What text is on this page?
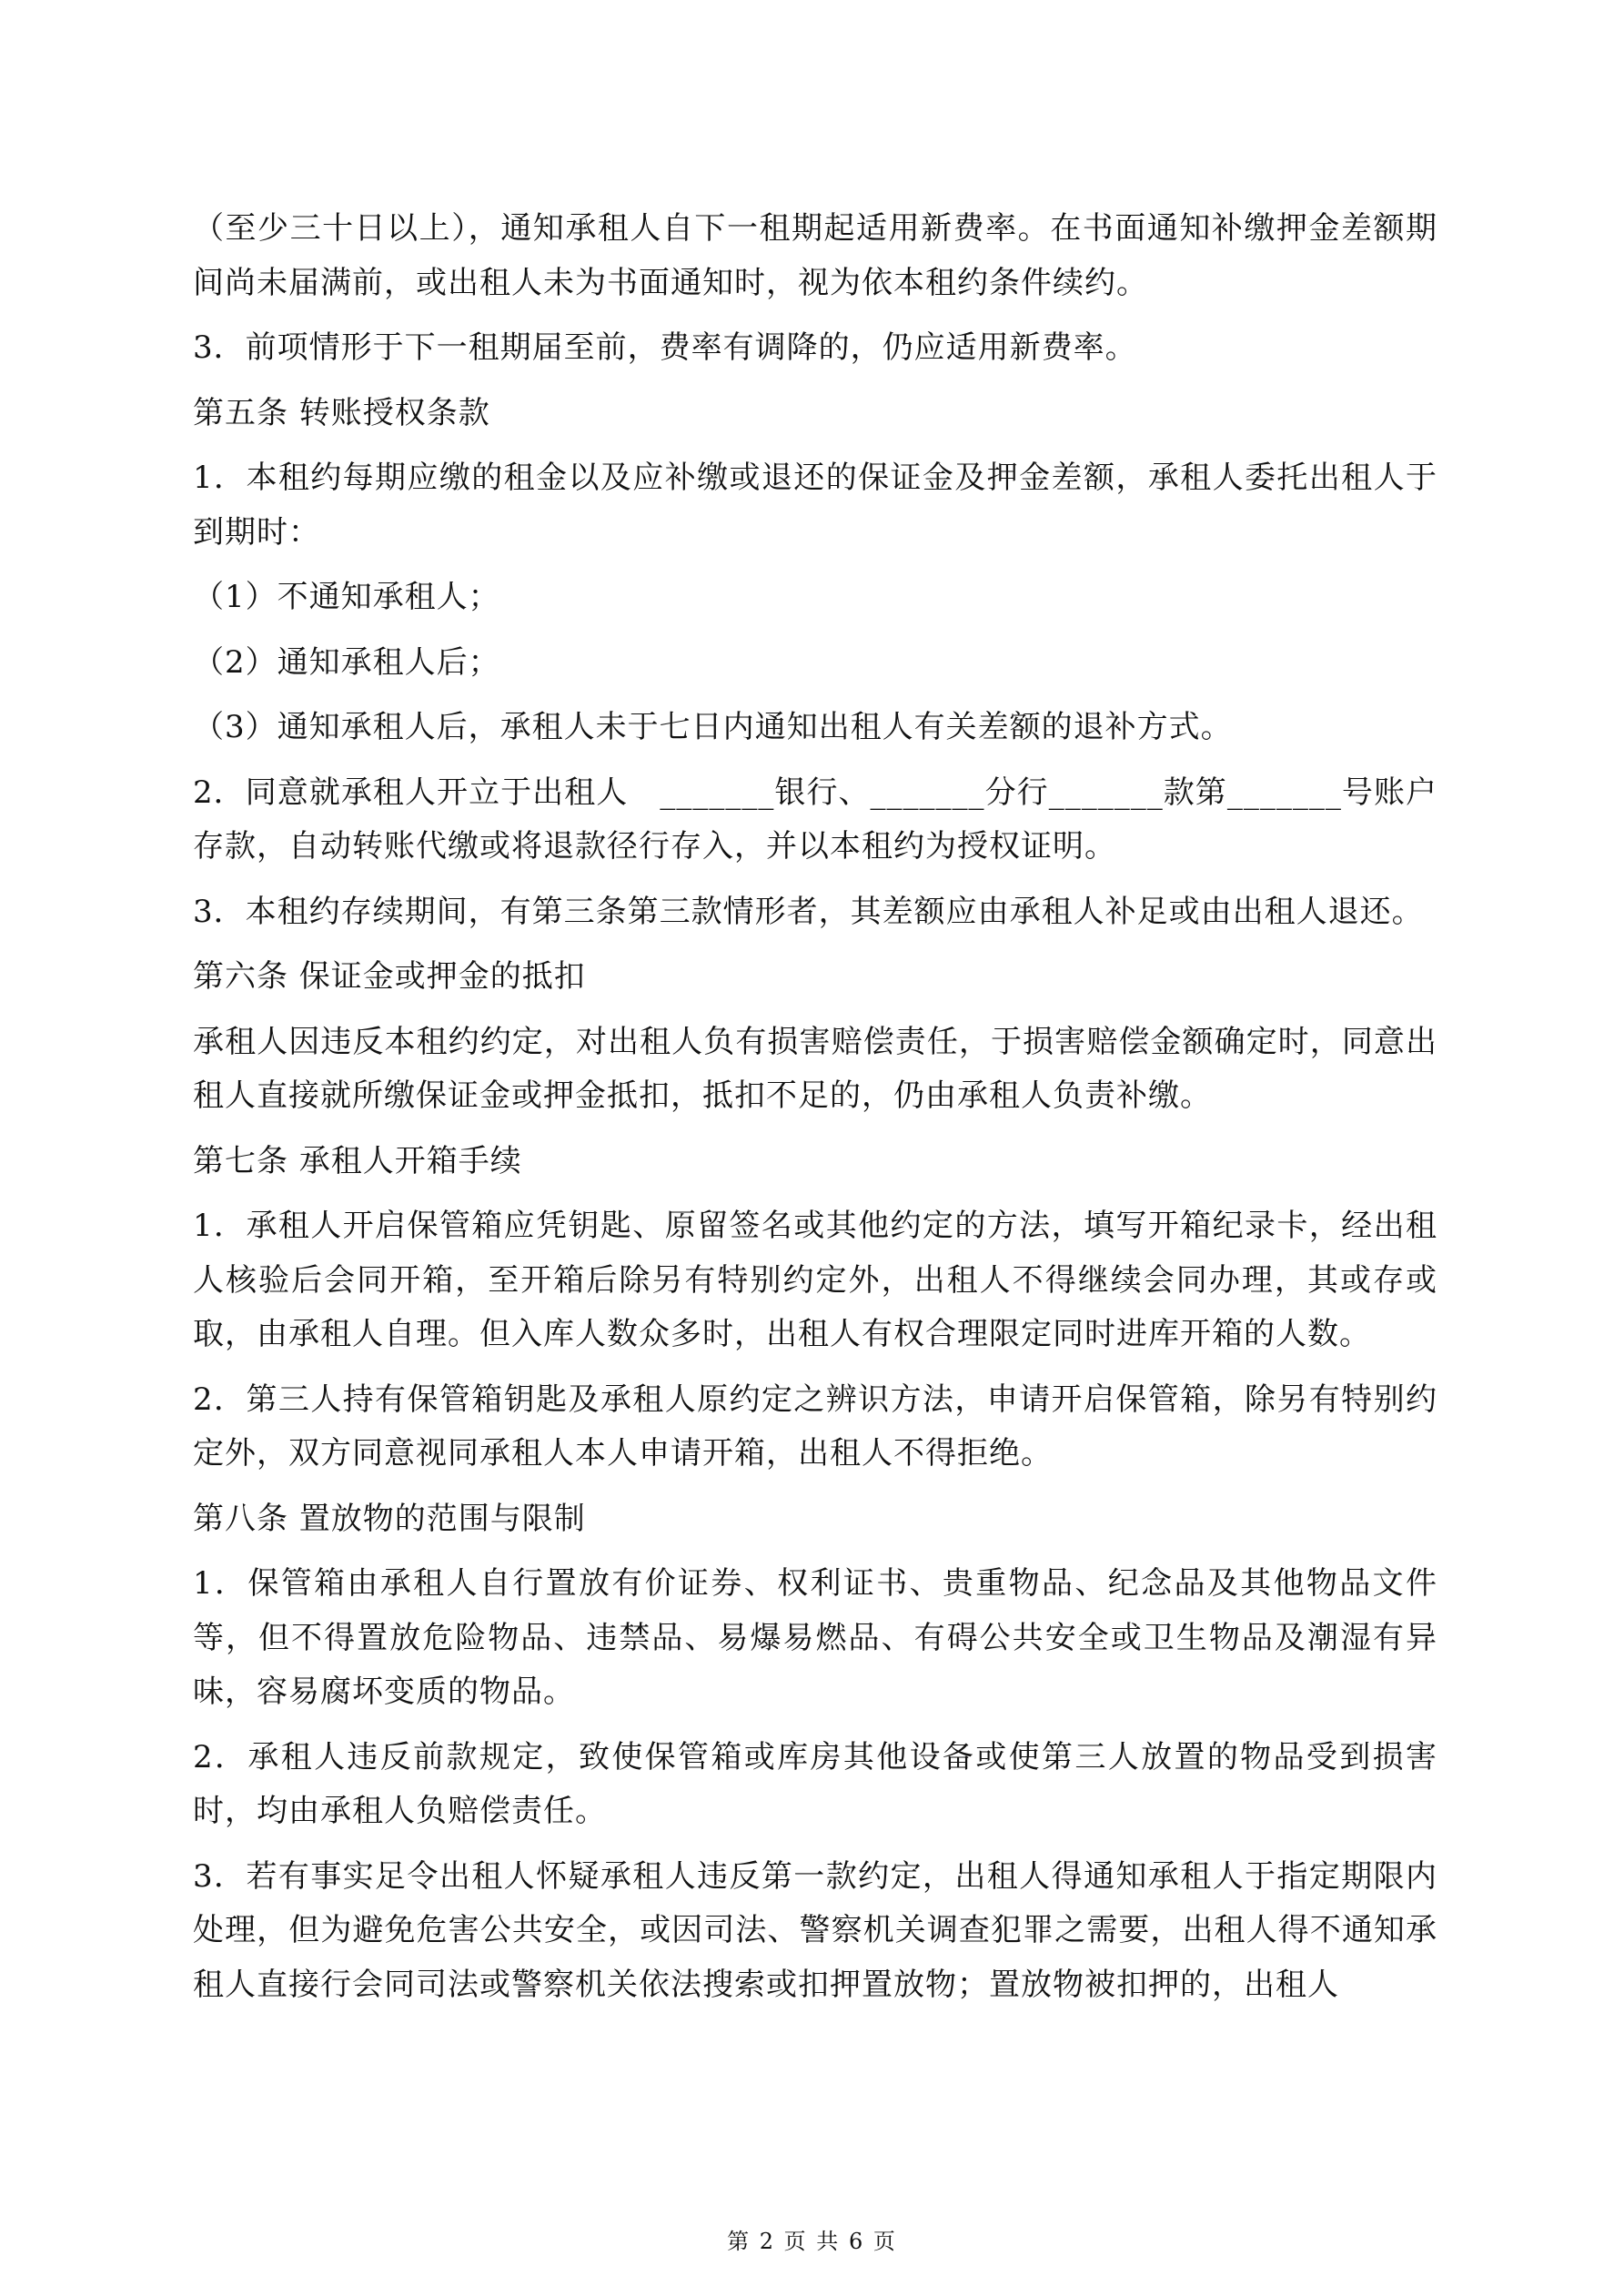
（至少三十日以上），通知承租人自下一租期起适用新费率。在书面通知补缴押金差额期间尚未届满前，或出租人未为书面通知时，视为依本租约条件续约。

3．前项情形于下一租期届至前，费率有调降的，仍应适用新费率。

第五条 转账授权条款

1．本租约每期应缴的租金以及应补缴或退还的保证金及押金差额，承租人委托出租人于到期时：

（1）不通知承租人；

（2）通知承租人后；

（3）通知承租人后，承租人未于七日内通知出租人有关差额的退补方式。

2．同意就承租人开立于出租人　_______银行、_______分行_______款第_______号账户存款，自动转账代缴或将退款径行存入，并以本租约为授权证明。

3．本租约存续期间，有第三条第三款情形者，其差额应由承租人补足或由出租人退还。

第六条 保证金或押金的抵扣

承租人因违反本租约约定，对出租人负有损害赔偿责任，于损害赔偿金额确定时，同意出租人直接就所缴保证金或押金抵扣，抵扣不足的，仍由承租人负责补缴。

第七条 承租人开箱手续

1．承租人开启保管箱应凭钥匙、原留签名或其他约定的方法，填写开箱纪录卡，经出租人核验后会同开箱，至开箱后除另有特别约定外，出租人不得继续会同办理，其或存或取，由承租人自理。但入库人数众多时，出租人有权合理限定同时进库开箱的人数。

2．第三人持有保管箱钥匙及承租人原约定之辨识方法，申请开启保管箱，除另有特别约定外，双方同意视同承租人本人申请开箱，出租人不得拒绝。

第八条 置放物的范围与限制

1．保管箱由承租人自行置放有价证券、权利证书、贵重物品、纪念品及其他物品文件等，但不得置放危险物品、违禁品、易爆易燃品、有碍公共安全或卫生物品及潮湿有异味，容易腐坏变质的物品。

2．承租人违反前款规定，致使保管箱或库房其他设备或使第三人放置的物品受到损害时，均由承租人负赔偿责任。

3．若有事实足令出租人怀疑承租人违反第一款约定，出租人得通知承租人于指定期限内处理，但为避免危害公共安全，或因司法、警察机关调查犯罪之需要，出租人得不通知承租人直接行会同司法或警察机关依法搜索或扣押置放物；置放物被扣押的，出租人

第 2 页 共 6 页
